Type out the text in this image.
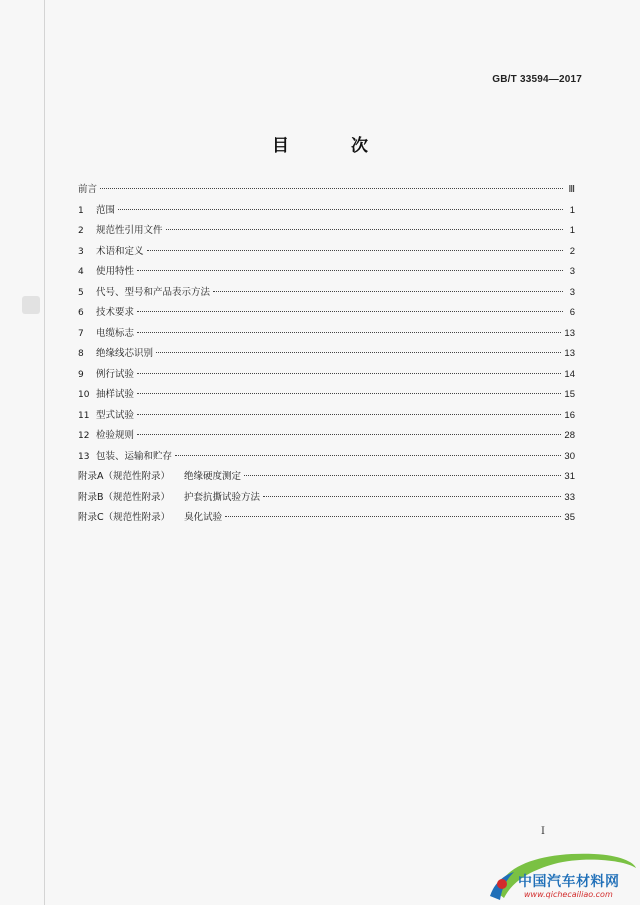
GB/T 33594—2017
目 次
前言	Ⅲ
1	范围	1
2	规范性引用文件	1
3	术语和定义	2
4	使用特性	3
5	代号、型号和产品表示方法	3
6	技术要求	6
7	电缆标志	13
8	绝缘线芯识别	13
9	例行试验	14
10 抽样试验	15
11 型式试验	16
12 检验规则	28
13 包装、运输和贮存	30
附录A（规范性附录） 绝缘硬度测定	31
附录B（规范性附录） 护套抗撕试验方法	33
附录C（规范性附录） 臭化试验	35
I
中国汽车材料网
www.qichecailiao.com
